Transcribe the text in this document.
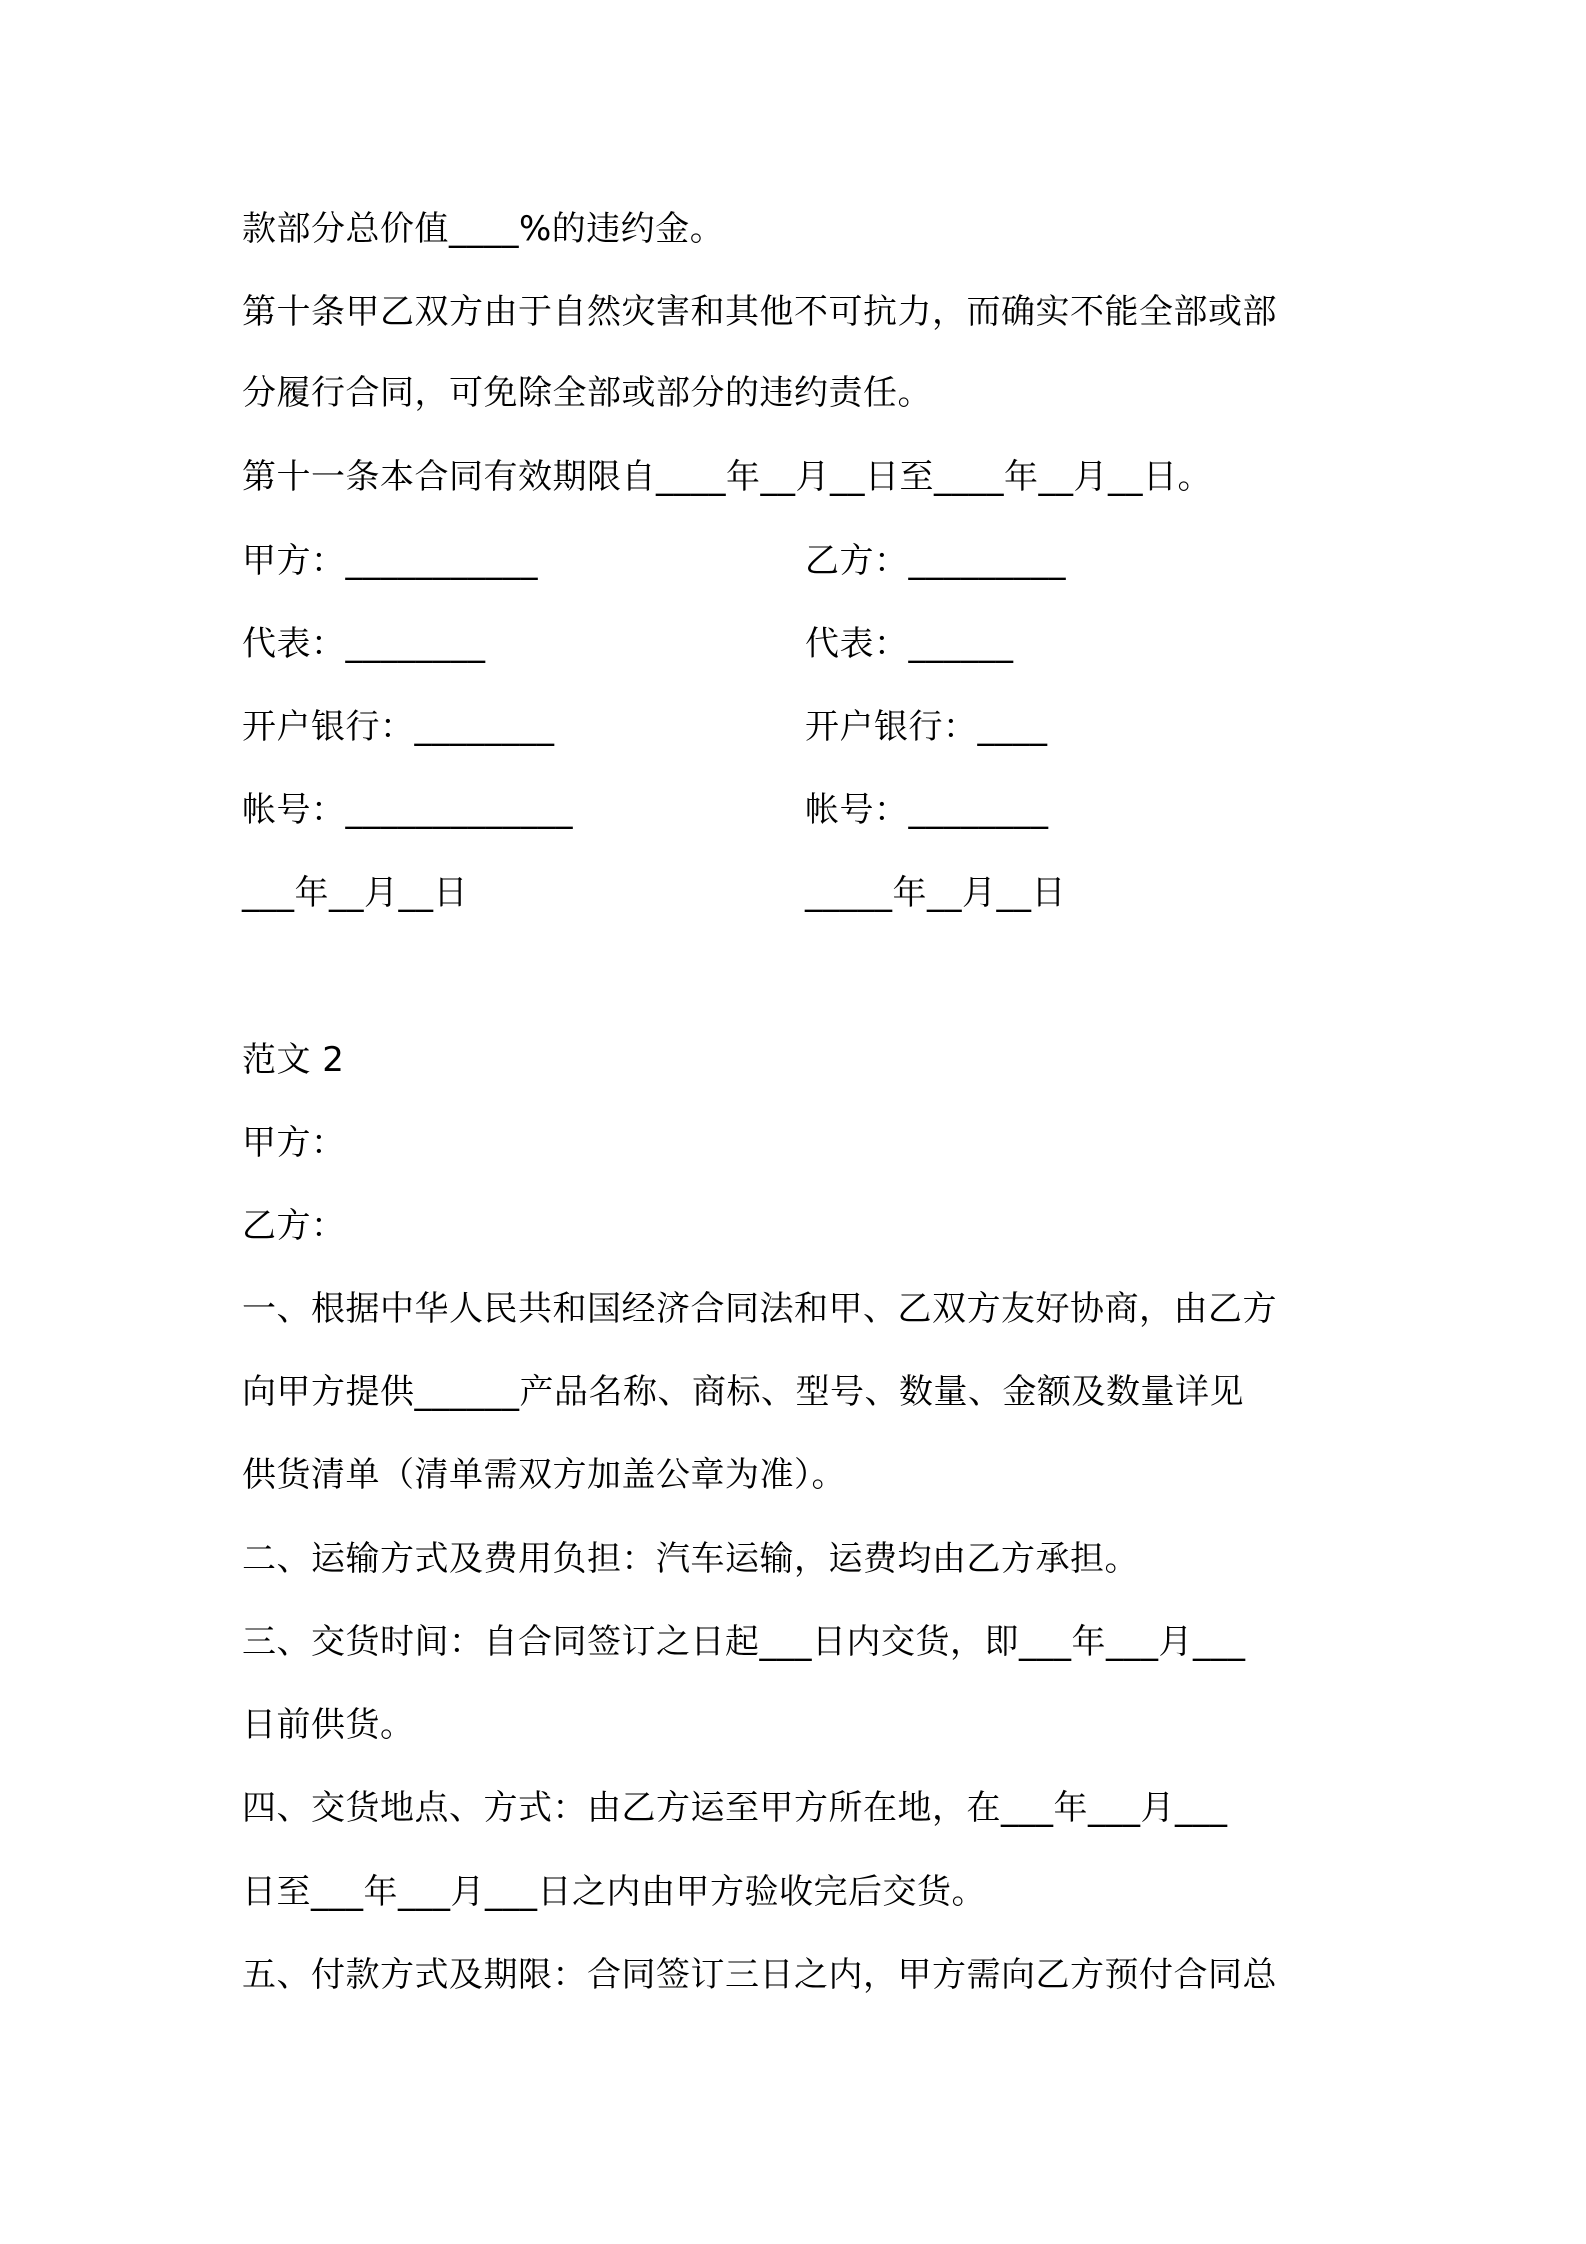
款部分总价值____%的违约金。
第十条甲乙双方由于自然灾害和其他不可抗力，而确实不能全部或部
分履行合同，可免除全部或部分的违约责任。
第十一条本合同有效期限自____年__月__日至____年__月__日。
甲方：___________	乙方：_________
代表：________	代表：______
开户银行：________	开户银行：____
帐号：_____________	帐号：________
___年__月__日	_____年__月__日
范文 2
甲方：
乙方：
一、根据中华人民共和国经济合同法和甲、乙双方友好协商，由乙方
向甲方提供______产品名称、商标、型号、数量、金额及数量详见
供货清单（清单需双方加盖公章为准）。
二、运输方式及费用负担：汽车运输，运费均由乙方承担。
三、交货时间：自合同签订之日起___日内交货，即___年___月___
日前供货。
四、交货地点、方式：由乙方运至甲方所在地，在___年___月___
日至___年___月___日之内由甲方验收完后交货。
五、付款方式及期限：合同签订三日之内，甲方需向乙方预付合同总
